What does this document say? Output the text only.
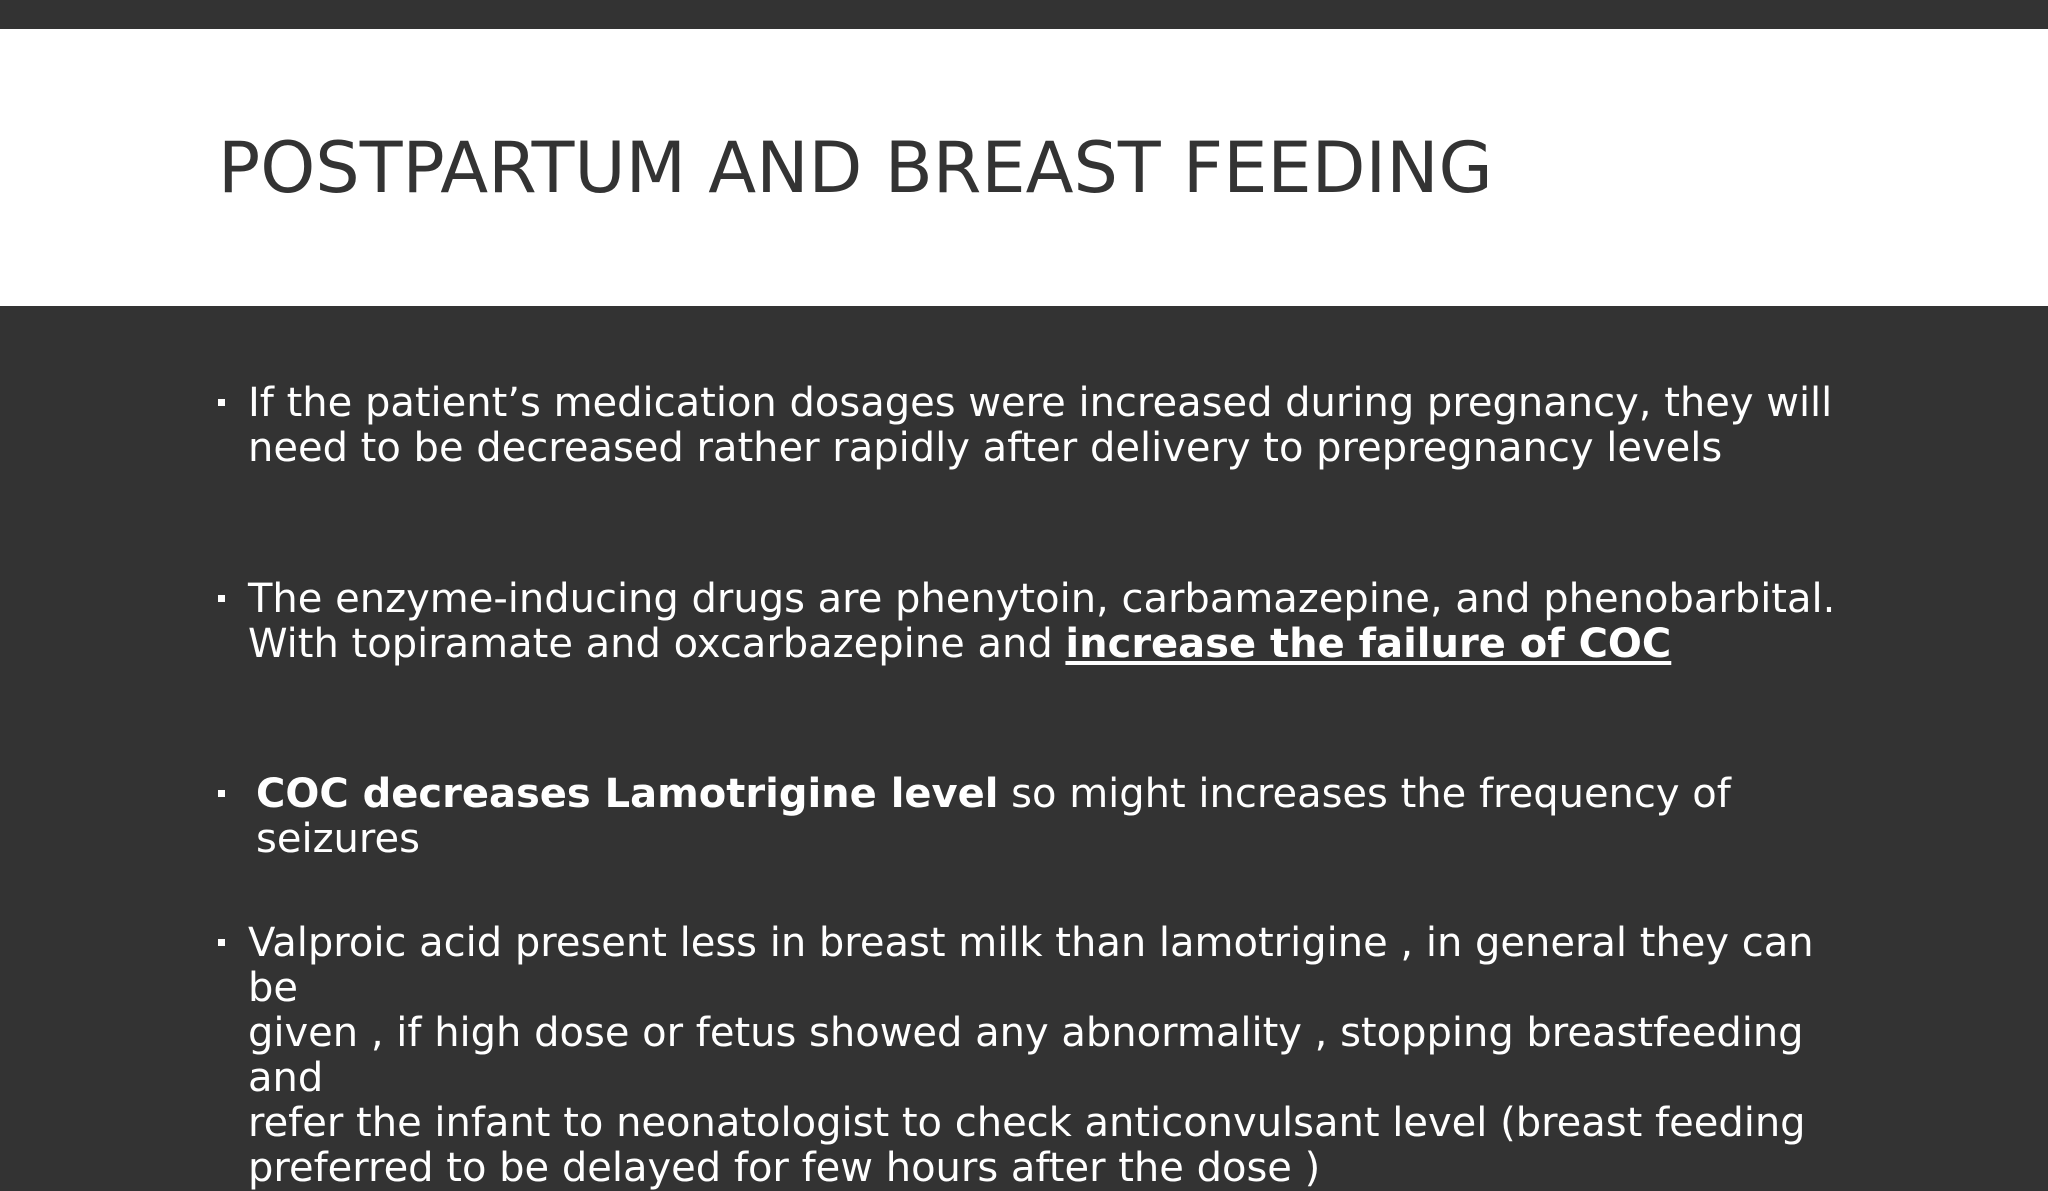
POSTPARTUM AND BREAST FEEDING
If the patient’s medication dosages were increased during pregnancy, they will
need to be decreased rather rapidly after delivery to prepregnancy levels
The enzyme-inducing drugs are phenytoin, carbamazepine, and phenobarbital.
With topiramate and oxcarbazepine and increase the failure of COC
COC decreases Lamotrigine level so might increases the frequency of seizures
Valproic acid present less in breast milk than lamotrigine , in general they can be
given , if high dose or fetus showed any abnormality , stopping breastfeeding and
refer the infant to neonatologist to check anticonvulsant level (breast feeding
preferred to be delayed for few hours after the dose )
